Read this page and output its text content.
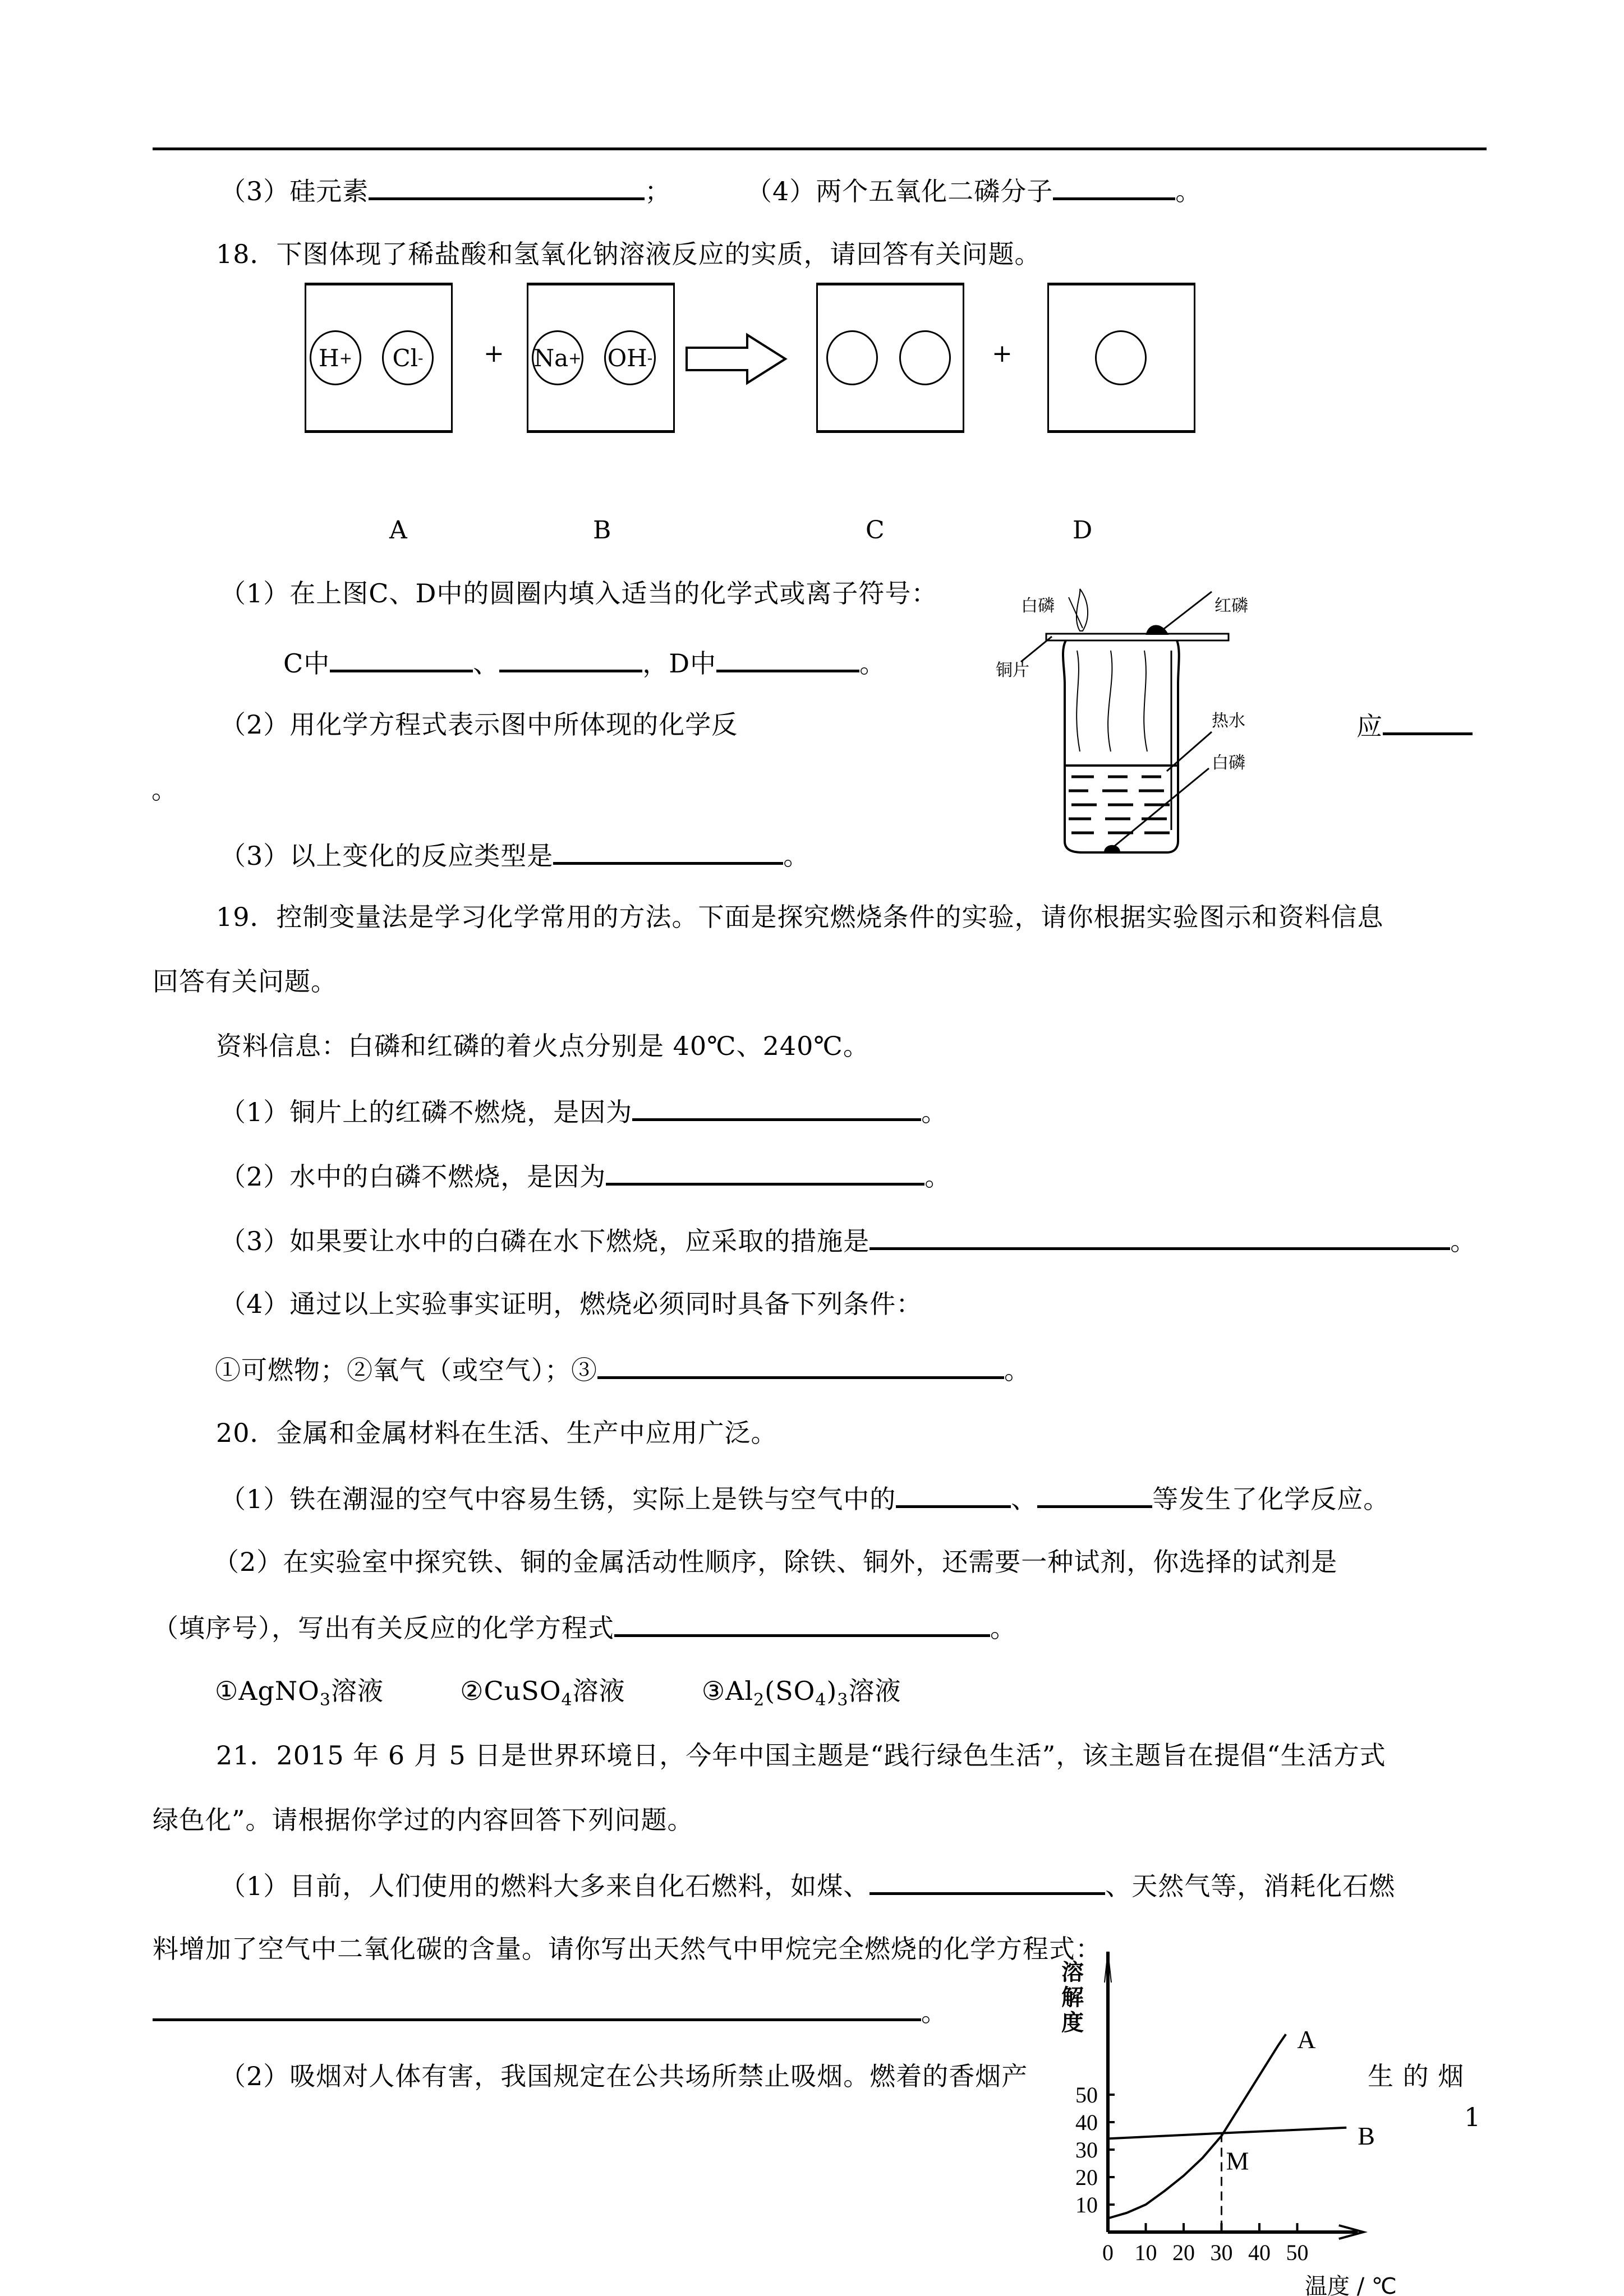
（3）硅元素	；	（4）两个五氧化二磷分子	。
18．下图体现了稀盐酸和氢氧化钠溶液反应的实质，请回答有关问题。
H + Cl - + Na + OH -	+
A	B	C	D
（1）在上图C、D中的圆圈内填入适当的化学式或离子符号：
C中	、	，D中	。
（2）用化学方程式表示图中所体现的化学反	应
。
（3）以上变化的反应类型是	。
白磷	红磷
铜片
热水
白磷
19．控制变量法是学习化学常用的方法。下面是探究燃烧条件的实验，请你根据实验图示和资料信息
回答有关问题。
资料信息：白磷和红磷的着火点分别是 40℃、240℃。
（1）铜片上的红磷不燃烧，是因为	。
（2）水中的白磷不燃烧，是因为	。
（3）如果要让水中的白磷在水下燃烧，应采取的措施是	。
（4）通过以上实验事实证明，燃烧必须同时具备下列条件：
①可燃物；②氧气（或空气）；③	。
20．金属和金属材料在生活、生产中应用广泛。
（1）铁在潮湿的空气中容易生锈，实际上是铁与空气中的	、	等发生了化学反应。
（2）在实验室中探究铁、铜的金属活动性顺序，除铁、铜外，还需要一种试剂，你选择的试剂是
（填序号），写出有关反应的化学方程式	。
①AgNO$_3$溶液	②CuSO$_4$溶液	$③Al_2(SO_4)_3$溶液
21．2015 年 6 月 5 日是世界环境日，今年中国主题是“践行绿色生活”，该主题旨在提倡“生活方式
绿色化”。请根据你学过的内容回答下列问题。
（1）目前，人们使用的燃料大多来自化石燃料，如煤、	、天然气等，消耗化石燃
料增加了空气中二氧化碳的含量。请你写出天然气中甲烷完全燃烧的化学方程式：
。
（2）吸烟对人体有害，我国规定在公共场所禁止吸烟。燃着的香烟产	生 的 烟
1
10
20
30
40
50
0 10 20 30 40 50
溶
解
度
温度 / ℃
A
B
M
